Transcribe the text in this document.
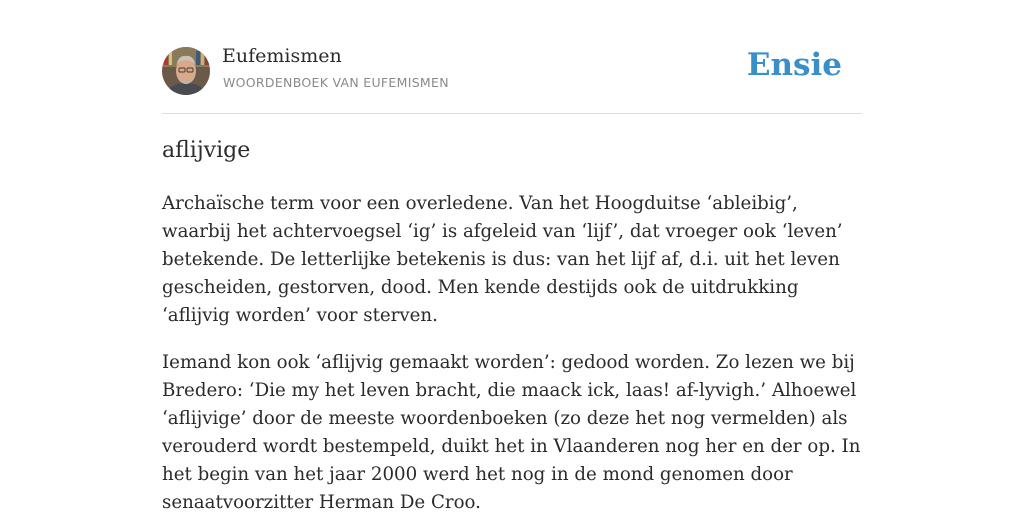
Eufemismen
WOORDENBOEK VAN EUFEMISMEN	Ensie
aflijvige

Archaïsche term voor een overledene. Van het Hoogduitse ‘ableibig’, waarbij het achtervoegsel ‘ig’ is afgeleid van ‘lijf’, dat vroeger ook ‘leven’ betekende. De letterlijke betekenis is dus: van het lijf af, d.i. uit het leven gescheiden, gestorven, dood. Men kende destijds ook de uitdrukking ‘aflijvig worden’ voor sterven.

Iemand kon ook ‘aflijvig gemaakt worden’: gedood worden. Zo lezen we bij Bredero: ‘Die my het leven bracht, die maack ick, laas! af-lyvigh.’ Alhoewel ‘aflijvige’ door de meeste woordenboeken (zo deze het nog vermelden) als verouderd wordt bestempeld, duikt het in Vlaanderen nog her en der op. In het begin van het jaar 2000 werd het nog in de mond genomen door senaatvoorzitter Herman De Croo.
